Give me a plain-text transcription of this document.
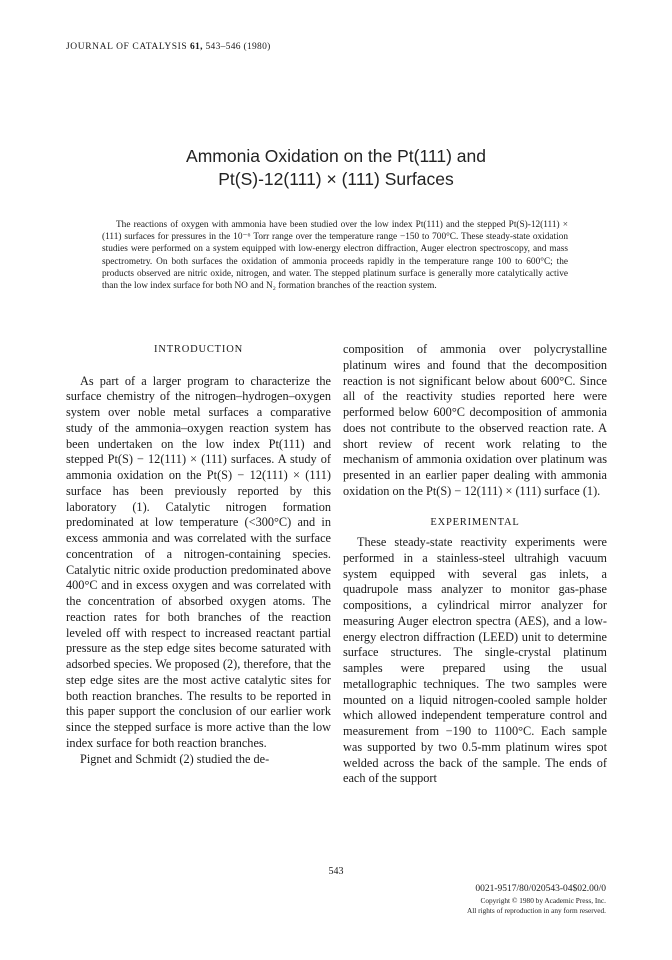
JOURNAL OF CATALYSIS 61, 543–546 (1980)
Ammonia Oxidation on the Pt(111) and
Pt(S)-12(111) × (111) Surfaces
The reactions of oxygen with ammonia have been studied over the low index Pt(111) and the stepped Pt(S)-12(111) × (111) surfaces for pressures in the 10⁻⁶ Torr range over the temperature range −150 to 700°C. These steady-state oxidation studies were performed on a system equipped with low-energy electron diffraction, Auger electron spectroscopy, and mass spectrometry. On both surfaces the oxidation of ammonia proceeds rapidly in the temperature range 100 to 600°C; the products observed are nitric oxide, nitrogen, and water. The stepped platinum surface is generally more catalytically active than the low index surface for both NO and N₂ formation branches of the reaction system.
INTRODUCTION

As part of a larger program to characterize the surface chemistry of the nitrogen–hydrogen–oxygen system over noble metal surfaces a comparative study of the ammonia–oxygen reaction system has been undertaken on the low index Pt(111) and stepped Pt(S) − 12(111) × (111) surfaces. A study of ammonia oxidation on the Pt(S) − 12(111) × (111) surface has been previously reported by this laboratory (1). Catalytic nitrogen formation predominated at low temperature (<300°C) and in excess ammonia and was correlated with the surface concentration of a nitrogen-containing species. Catalytic nitric oxide production predominated above 400°C and in excess oxygen and was correlated with the concentration of absorbed oxygen atoms. The reaction rates for both branches of the reaction leveled off with respect to increased reactant partial pressure as the step edge sites become saturated with adsorbed species. We proposed (2), therefore, that the step edge sites are the most active catalytic sites for both reaction branches. The results to be reported in this paper support the conclusion of our earlier work since the stepped surface is more active than the low index surface for both reaction branches.

Pignet and Schmidt (2) studied the de-

composition of ammonia over polycrystalline platinum wires and found that the decomposition reaction is not significant below about 600°C. Since all of the reactivity studies reported here were performed below 600°C decomposition of ammonia does not contribute to the observed reaction rate. A short review of recent work relating to the mechanism of ammonia oxidation over platinum was presented in an earlier paper dealing with ammonia oxidation on the Pt(S) − 12(111) × (111) surface (1).

EXPERIMENTAL

These steady-state reactivity experiments were performed in a stainless-steel ultrahigh vacuum system equipped with several gas inlets, a quadrupole mass analyzer to monitor gas-phase compositions, a cylindrical mirror analyzer for measuring Auger electron spectra (AES), and a low-energy electron diffraction (LEED) unit to determine surface structures. The single-crystal platinum samples were prepared using the usual metallographic techniques. The two samples were mounted on a liquid nitrogen-cooled sample holder which allowed independent temperature control and measurement from −190 to 1100°C. Each sample was supported by two 0.5-mm platinum wires spot welded across the back of the sample. The ends of each of the support

543
0021-9517/80/020543-04$02.00/0
Copyright © 1980 by Academic Press, Inc.
All rights of reproduction in any form reserved.
